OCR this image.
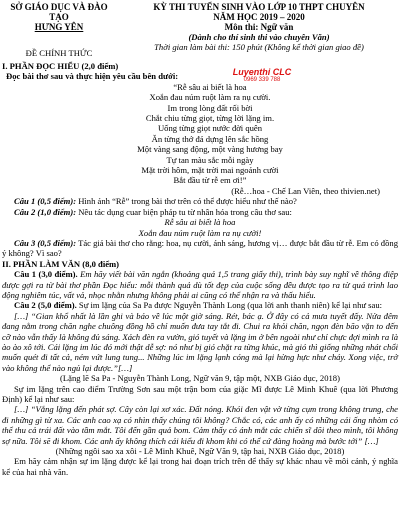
SỞ GIÁO DỤC VÀ ĐÀO TẠO
HƯNG YÊN
ĐỀ CHÍNH THỨC
KỲ THI TUYỂN SINH VÀO LỚP 10 THPT CHUYÊN
NĂM HỌC 2019 – 2020
Môn thi: Ngữ văn
(Dành cho thí sinh thi vào chuyên Văn)
Thời gian làm bài thi: 150 phút (Không kể thời gian giao đề)
Luyenthi CLC
0969 339 788

I. PHẦN ĐỌC HIỂU (2,0 điểm)

Đọc bài thơ sau và thực hiện yêu cầu bên dưới:

“Rễ sâu ai biết là hoa
Xoắn đau núm ruột làm ra nụ cười.
Im trong lòng đất rối bời
Chắt chiu từng giọt, từng lời lặng im.
Uống từng giọt nước đời quên
Ăn từng thớ đá dựng lên sắc hồng
Một vàng sang động, một vàng hương bay
Tự tan màu sắc mỗi ngày
Mặt trời hôm, mặt trời mai ngoảnh cười
Bắt đầu từ rễ em ơi!”
(Rễ…hoa - Chế Lan Viên, theo thivien.net)

Câu 1 (0,5 điểm): Hình ảnh “Rễ” trong bài thơ trên có thể được hiểu như thế nào?

Câu 2 (1,0 điểm): Nêu tác dụng cuar biện pháp tu từ nhân hóa trong câu thơ sau:

Rễ sâu ai biết là hoa
Xoắn đau núm ruột làm ra nụ cười!

Câu 3 (0,5 điểm): Tác giả bài thơ cho rằng: hoa, nụ cười, ánh sáng, hương vị… được bắt đầu từ rễ. Em có đồng ý không? Vì sao?

II. PHẦN LÀM VĂN (8,0 điểm)

Câu 1 (3,0 điểm). Em hãy viết bài văn ngắn (khoảng quá 1,5 trang giấy thi), trình bày suy nghĩ về thông điệp được gợi ra từ bài thơ phần Đọc hiểu: mỗi thành quả dù tốt đẹp của cuộc sống đều được tạo ra từ quá trình lao động nghiêm túc, vất vả, nhọc nhằn nhưng không phải ai cũng có thể nhận ra và thấu hiểu.

Câu 2 (5,0 điểm). Sự im lặng của Sa Pa được Nguyễn Thành Long (qua lời anh thanh niên) kể lại như sau:

[…] “Gian khổ nhất là lần ghi và báo về lúc một giờ sáng. Rét, bác ạ. Ở đây có cả mưa tuyết đấy. Nửa đêm đang nằm trong chăn nghe chuông đồng hồ chỉ muốn đưa tay tắt đi. Chui ra khỏi chăn, ngọn đèn bão vặn to đến cỡ nào vẫn thấy là không đủ sáng. Xách đèn ra vườn, gió tuyết và lặng im ở bên ngoài như chỉ chực đợi mình ra là ào ào xô tới. Cái lặng im lúc đó mới thật dễ sợ: nó như bị gió chặt ra từng khúc, mà gió thì giống những nhát chổi muốn quét đi tất cả, ném vứt lung tung... Những lúc im lặng lạnh cóng mà lại hừng hực như cháy. Xong việc, trở vào không thể nào ngủ lại được.”[…]
(Lặng lẽ Sa Pa - Nguyễn Thành Long, Ngữ văn 9, tập một, NXB Giáo dục, 2018)

Sự im lặng trên cao điểm Trường Sơn sau một trận bom của giặc Mĩ được Lê Minh Khuê (qua lời Phương Định) kể lại như sau:

[…] “Vắng lặng đến phát sợ. Cây còn lại xơ xác. Đất nóng. Khói đen vật vờ từng cụm trong không trung, che đi những gì từ xa. Các anh cao xạ có nhìn thấy chúng tôi không? Chắc có, các anh ấy có những cái ống nhòm có thể thu cả trái đất vào tầm mắt. Tôi đến gần quả bom. Cảm thấy có ánh mắt các chiến sĩ dõi theo mình, tôi không sợ nữa. Tôi sẽ đi khom. Các anh ấy không thích cái kiểu đi khom khi có thể cứ đàng hoàng mà bước tới” […]
(Những ngôi sao xa xôi - Lê Minh Khuê, Ngữ Văn 9, tập hai, NXB Giáo dục, 2018)

Em hãy cảm nhận sự im lặng được kể lại trong hai đoạn trích trên để thấy sự khác nhau về môi cảnh, ý nghĩa kể của hai nhà văn.
